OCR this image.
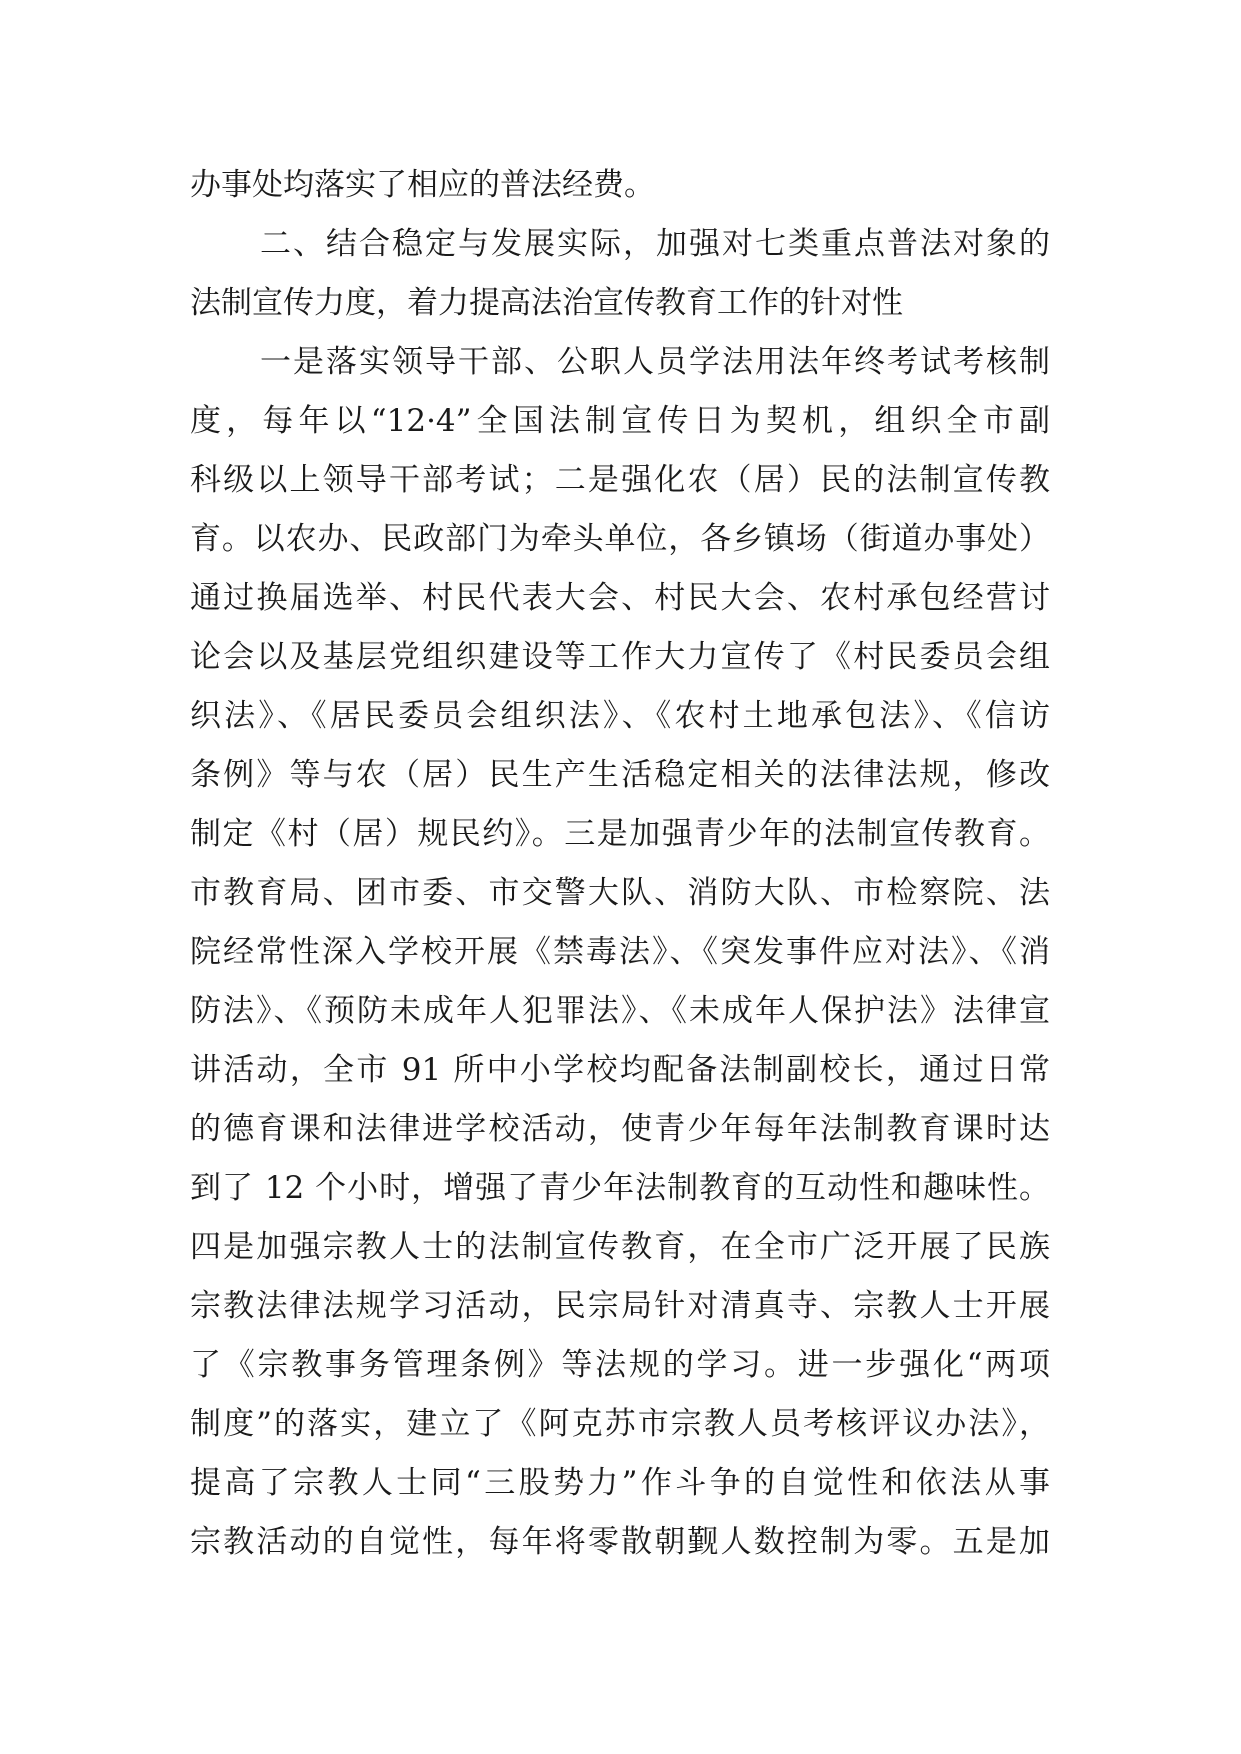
办事处均落实了相应的普法经费。
二、结合稳定与发展实际，加强对七类重点普法对象的
法制宣传力度，着力提高法治宣传教育工作的针对性
一是落实领导干部、公职人员学法用法年终考试考核制
度，每年以“12·4”全国法制宣传日为契机，组织全市副
科级以上领导干部考试；二是强化农（居）民的法制宣传教
育。以农办、民政部门为牵头单位，各乡镇场（街道办事处）
通过换届选举、村民代表大会、村民大会、农村承包经营讨
论会以及基层党组织建设等工作大力宣传了《村民委员会组
织法》、《居民委员会组织法》、《农村土地承包法》、《信访
条例》等与农（居）民生产生活稳定相关的法律法规，修改
制定《村（居）规民约》。三是加强青少年的法制宣传教育。
市教育局、团市委、市交警大队、消防大队、市检察院、法
院经常性深入学校开展《禁毒法》、《突发事件应对法》、《消
防法》、《预防未成年人犯罪法》、《未成年人保护法》法律宣
讲活动，全市 91 所中小学校均配备法制副校长，通过日常
的德育课和法律进学校活动，使青少年每年法制教育课时达
到了 12 个小时，增强了青少年法制教育的互动性和趣味性。
四是加强宗教人士的法制宣传教育，在全市广泛开展了民族
宗教法律法规学习活动，民宗局针对清真寺、宗教人士开展
了《宗教事务管理条例》等法规的学习。进一步强化“两项
制度”的落实，建立了《阿克苏市宗教人员考核评议办法》，
提高了宗教人士同“三股势力”作斗争的自觉性和依法从事
宗教活动的自觉性，每年将零散朝觐人数控制为零。五是加
